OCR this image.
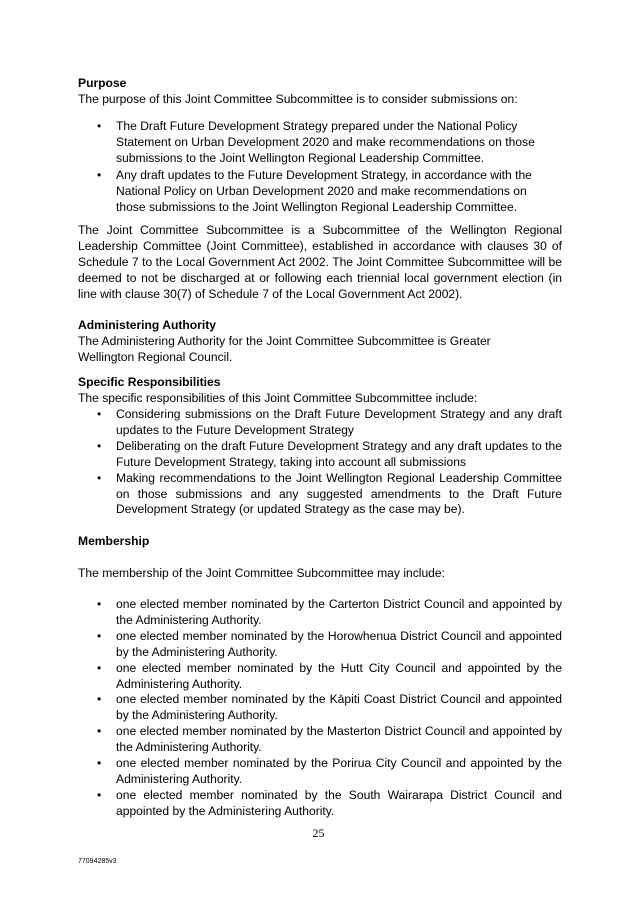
Purpose
The purpose of this Joint Committee Subcommittee is to consider submissions on:
• The Draft Future Development Strategy prepared under the National Policy Statement on Urban Development 2020 and make recommendations on those submissions to the Joint Wellington Regional Leadership Committee.
• Any draft updates to the Future Development Strategy, in accordance with the National Policy on Urban Development 2020 and make recommendations on those submissions to the Joint Wellington Regional Leadership Committee.
The Joint Committee Subcommittee is a Subcommittee of the Wellington Regional Leadership Committee (Joint Committee), established in accordance with clauses 30 of Schedule 7 to the Local Government Act 2002. The Joint Committee Subcommittee will be deemed to not be discharged at or following each triennial local government election (in line with clause 30(7) of Schedule 7 of the Local Government Act 2002).
Administering Authority
The Administering Authority for the Joint Committee Subcommittee is Greater Wellington Regional Council.
Specific Responsibilities
The specific responsibilities of this Joint Committee Subcommittee include:
• Considering submissions on the Draft Future Development Strategy and any draft updates to the Future Development Strategy
• Deliberating on the draft Future Development Strategy and any draft updates to the Future Development Strategy, taking into account all submissions
• Making recommendations to the Joint Wellington Regional Leadership Committee on those submissions and any suggested amendments to the Draft Future Development Strategy (or updated Strategy as the case may be).
Membership
The membership of the Joint Committee Subcommittee may include:
• one elected member nominated by the Carterton District Council and appointed by the Administering Authority.
• one elected member nominated by the Horowhenua District Council and appointed by the Administering Authority.
• one elected member nominated by the Hutt City Council and appointed by the Administering Authority.
• one elected member nominated by the Kāpiti Coast District Council and appointed by the Administering Authority.
• one elected member nominated by the Masterton District Council and appointed by the Administering Authority.
• one elected member nominated by the Porirua City Council and appointed by the Administering Authority.
• one elected member nominated by the South Wairarapa District Council and appointed by the Administering Authority.
25
77094285v3
